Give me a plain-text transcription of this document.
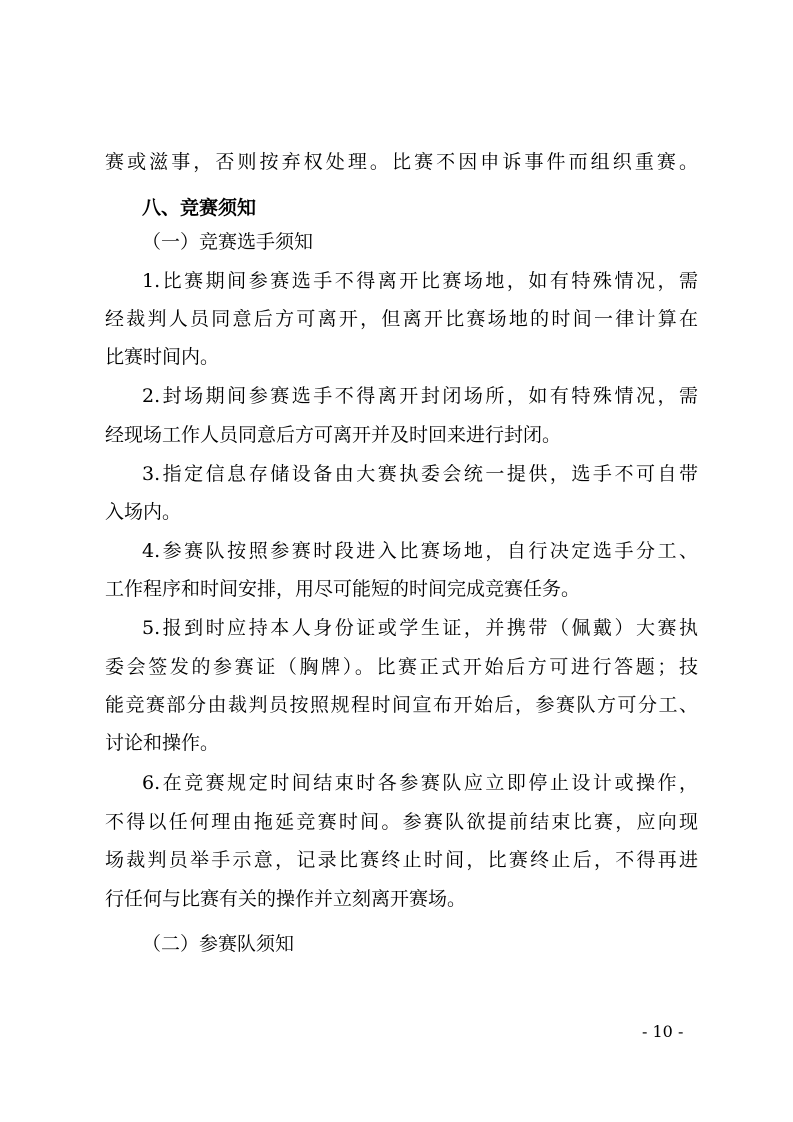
赛或滋事，否则按弃权处理。比赛不因申诉事件而组织重赛。
八、竞赛须知
（一）竞赛选手须知
1.比赛期间参赛选手不得离开比赛场地，如有特殊情况，需
经裁判人员同意后方可离开，但离开比赛场地的时间一律计算在
比赛时间内。
2.封场期间参赛选手不得离开封闭场所，如有特殊情况，需
经现场工作人员同意后方可离开并及时回来进行封闭。
3.指定信息存储设备由大赛执委会统一提供，选手不可自带
入场内。
4.参赛队按照参赛时段进入比赛场地，自行决定选手分工、
工作程序和时间安排，用尽可能短的时间完成竞赛任务。
5.报到时应持本人身份证或学生证，并携带（佩戴）大赛执
委会签发的参赛证（胸牌）。比赛正式开始后方可进行答题；技
能竞赛部分由裁判员按照规程时间宣布开始后，参赛队方可分工、
讨论和操作。
6.在竞赛规定时间结束时各参赛队应立即停止设计或操作，
不得以任何理由拖延竞赛时间。参赛队欲提前结束比赛，应向现
场裁判员举手示意，记录比赛终止时间，比赛终止后，不得再进
行任何与比赛有关的操作并立刻离开赛场。
（二）参赛队须知
- 10 -
